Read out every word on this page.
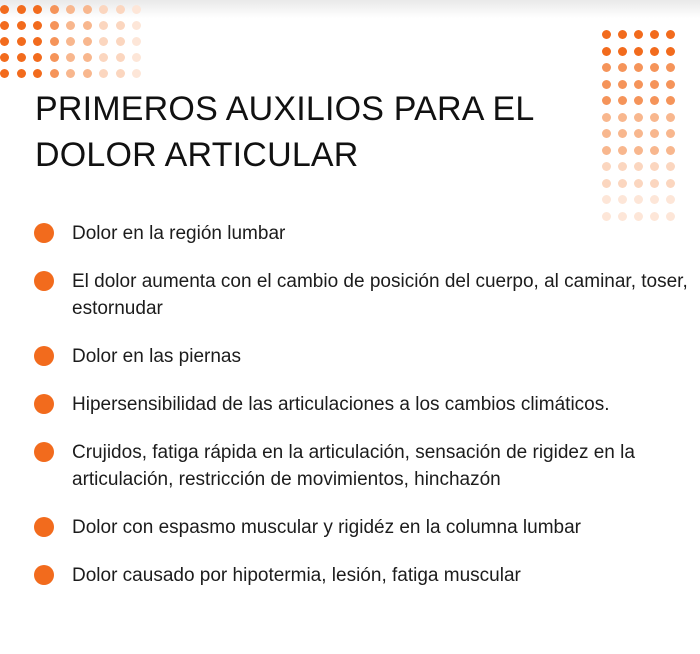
PRIMEROS AUXILIOS PARA EL DOLOR ARTICULAR
Dolor en la región lumbar
El dolor aumenta con el cambio de posición del cuerpo, al caminar, toser, estornudar
Dolor en las piernas
Hipersensibilidad de las articulaciones a los cambios climáticos.
Crujidos, fatiga rápida en la articulación, sensación de rigidez en la articulación, restricción de movimientos, hinchazón
Dolor con espasmo muscular y rigidéz en la columna lumbar
Dolor causado por hipotermia, lesión, fatiga muscular
